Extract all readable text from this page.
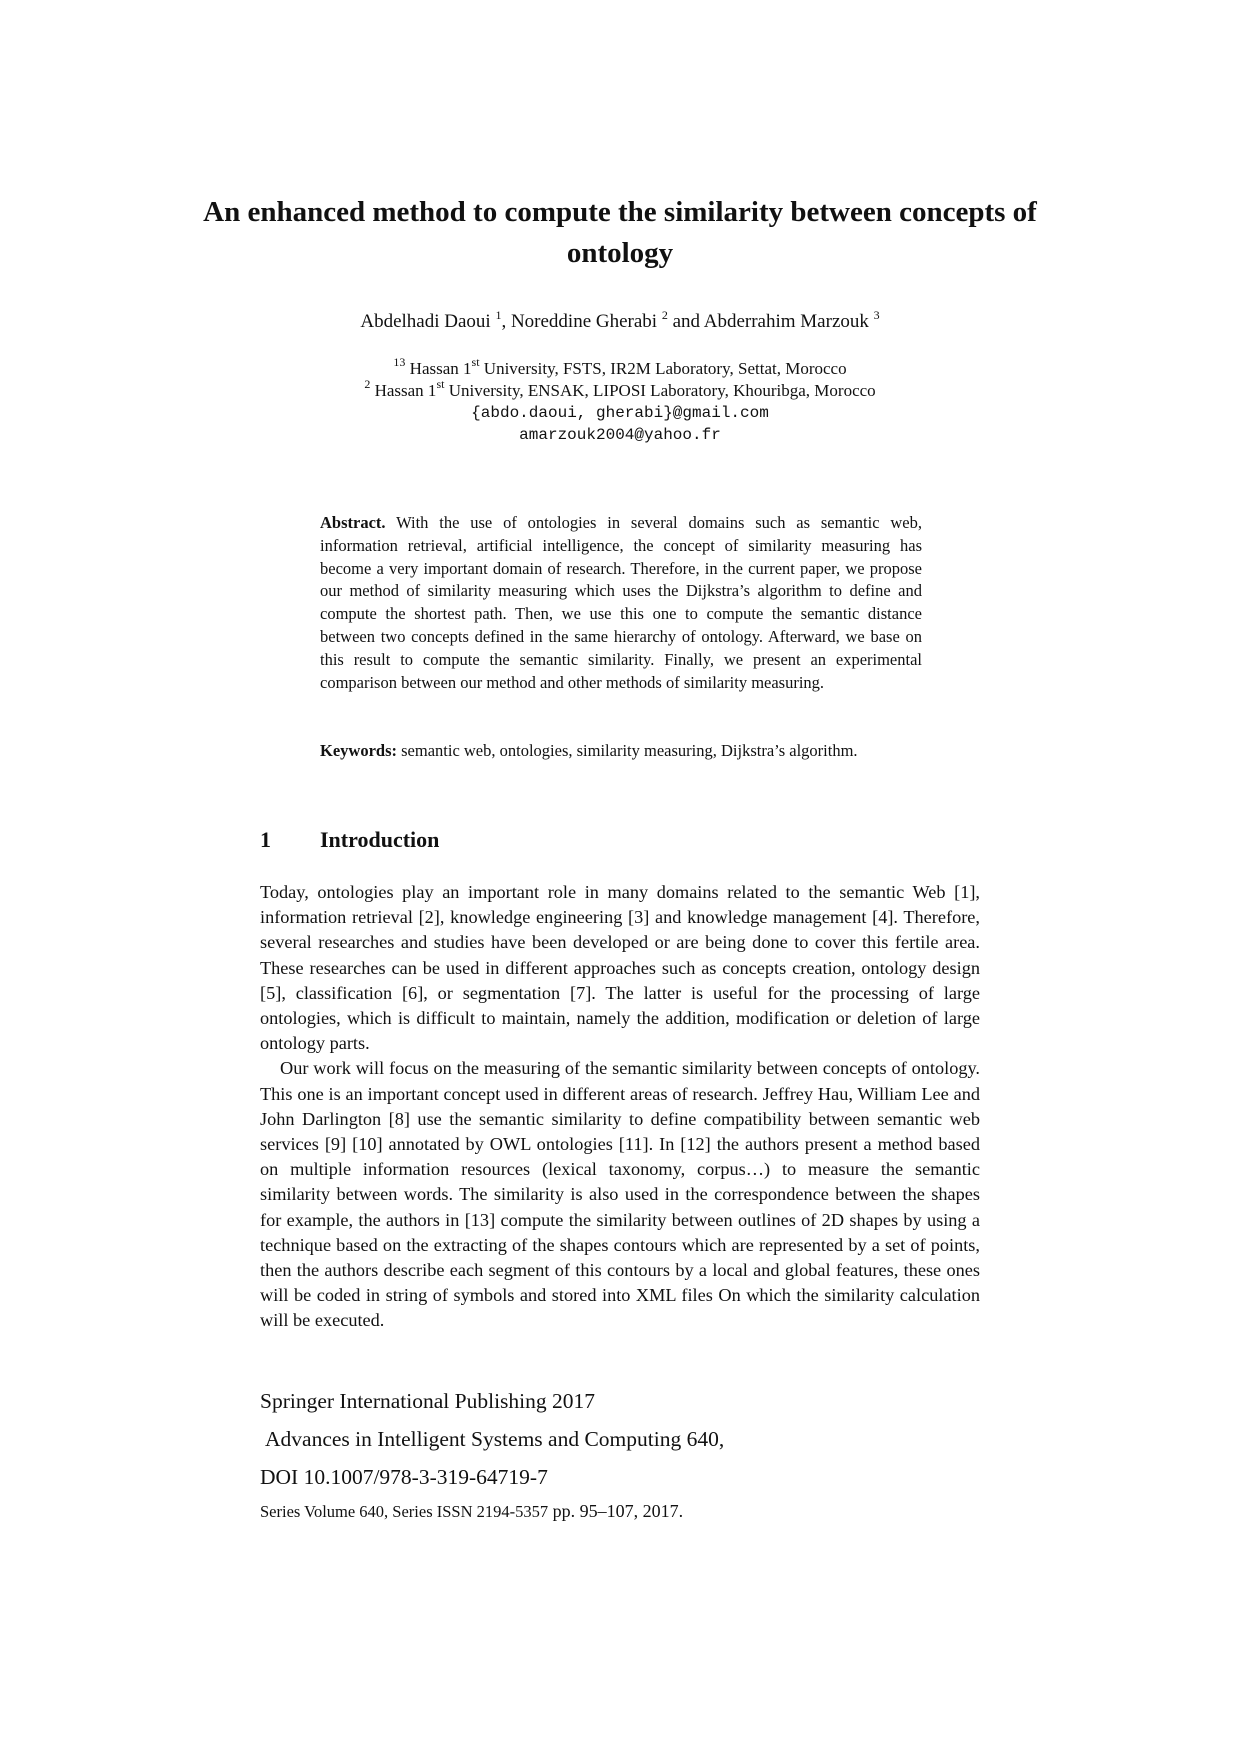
An enhanced method to compute the similarity between concepts of ontology
Abdelhadi Daoui $^1$, Noreddine Gherabi $^2$ and Abderrahim Marzouk $^3$
$^{13}$ Hassan 1st University, FSTS, IR2M Laboratory, Settat, Morocco
$^2$ Hassan 1st University, ENSAK, LIPOSI Laboratory, Khouribga, Morocco
{abdo.daoui, gherabi}@gmail.com
amarzouk2004@yahoo.fr

Abstract. With the use of ontologies in several domains such as semantic web, information retrieval, artificial intelligence, the concept of similarity measuring has become a very important domain of research. Therefore, in the current paper, we propose our method of similarity measuring which uses the Dijkstra’s algorithm to define and compute the shortest path. Then, we use this one to compute the semantic distance between two concepts defined in the same hierarchy of ontology. Afterward, we base on this result to compute the semantic similarity. Finally, we present an experimental comparison between our method and other methods of similarity measuring.

Keywords: semantic web, ontologies, similarity measuring, Dijkstra’s algorithm.

1 Introduction

Today, ontologies play an important role in many domains related to the semantic Web [1], information retrieval [2], knowledge engineering [3] and knowledge management [4]. Therefore, several researches and studies have been developed or are being done to cover this fertile area. These researches can be used in different approaches such as concepts creation, ontology design [5], classification [6], or segmentation [7]. The latter is useful for the processing of large ontologies, which is difficult to maintain, namely the addition, modification or deletion of large ontology parts.

Our work will focus on the measuring of the semantic similarity between concepts of ontology. This one is an important concept used in different areas of research. Jeffrey Hau, William Lee and John Darlington [8] use the semantic similarity to define compatibility between semantic web services [9] [10] annotated by OWL ontologies [11]. In [12] the authors present a method based on multiple information resources (lexical taxonomy, corpus…) to measure the semantic similarity between words. The similarity is also used in the correspondence between the shapes for example, the authors in [13] compute the similarity between outlines of 2D shapes by using a technique based on the extracting of the shapes contours which are represented by a set of points, then the authors describe each segment of this contours by a local and global features, these ones will be coded in string of symbols and stored into XML files On which the similarity calculation will be executed.

Springer International Publishing 2017
Advances in Intelligent Systems and Computing 640,
DOI 10.1007/978-3-319-64719-7
Series Volume 640, Series ISSN 2194-5357 pp. 95–107, 2017.
